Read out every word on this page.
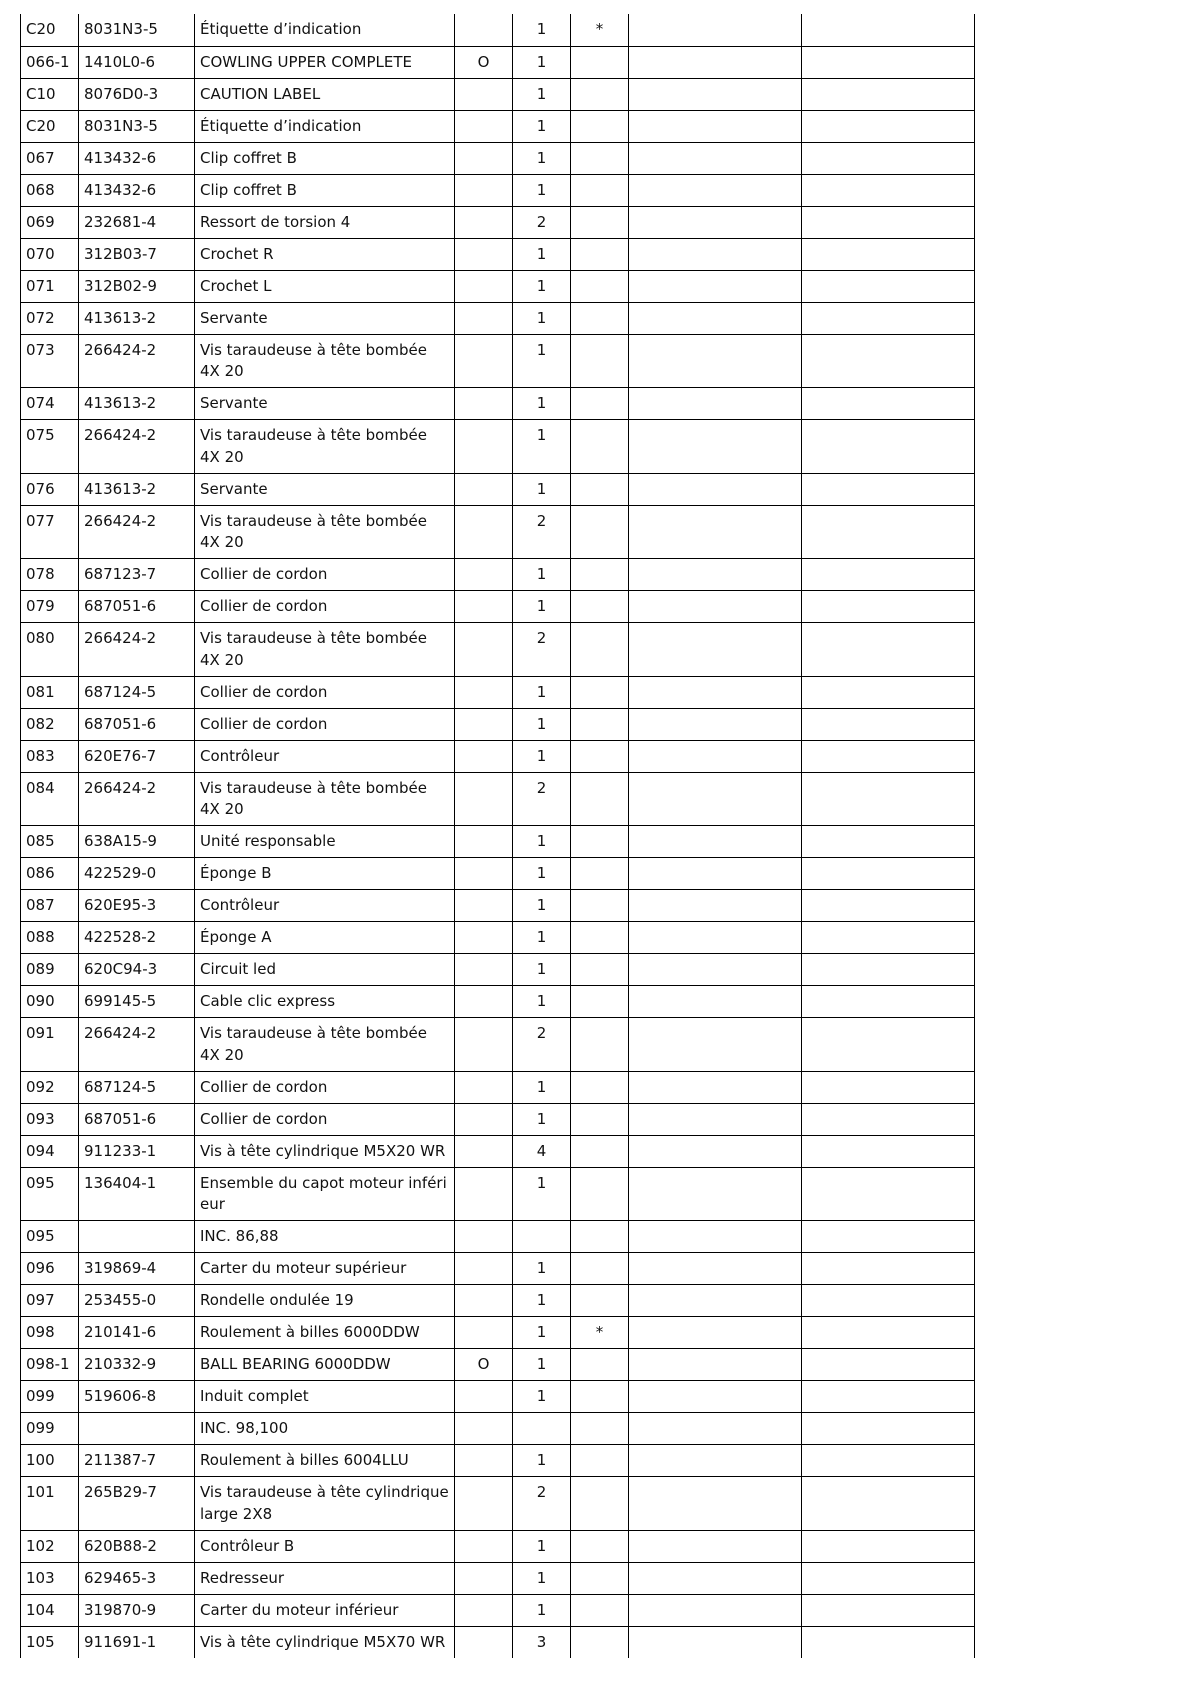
C20	8031N3-5	Étiquette d’indication		1	*		
066-1	1410L0-6	COWLING UPPER COMPLETE	O	1			
C10	8076D0-3	CAUTION LABEL		1			
C20	8031N3-5	Étiquette d’indication		1			
067	413432-6	Clip coffret B		1			
068	413432-6	Clip coffret B		1			
069	232681-4	Ressort de torsion 4		2			
070	312B03-7	Crochet R		1			
071	312B02-9	Crochet L		1			
072	413613-2	Servante		1			
073	266424-2	Vis taraudeuse à tête bombée 4X 20		1			
074	413613-2	Servante		1			
075	266424-2	Vis taraudeuse à tête bombée 4X 20		1			
076	413613-2	Servante		1			
077	266424-2	Vis taraudeuse à tête bombée 4X 20		2			
078	687123-7	Collier de cordon		1			
079	687051-6	Collier de cordon		1			
080	266424-2	Vis taraudeuse à tête bombée 4X 20		2			
081	687124-5	Collier de cordon		1			
082	687051-6	Collier de cordon		1			
083	620E76-7	Contrôleur		1			
084	266424-2	Vis taraudeuse à tête bombée 4X 20		2			
085	638A15-9	Unité responsable		1			
086	422529-0	Éponge B		1			
087	620E95-3	Contrôleur		1			
088	422528-2	Éponge A		1			
089	620C94-3	Circuit led		1			
090	699145-5	Cable clic express		1			
091	266424-2	Vis taraudeuse à tête bombée 4X 20		2			
092	687124-5	Collier de cordon		1			
093	687051-6	Collier de cordon		1			
094	911233-1	Vis à tête cylindrique M5X20 WR		4			
095	136404-1	Ensemble du capot moteur inféri eur		1			
095		INC. 86,88					
096	319869-4	Carter du moteur supérieur		1			
097	253455-0	Rondelle ondulée 19		1			
098	210141-6	Roulement à billes 6000DDW		1	*		
098-1	210332-9	BALL BEARING 6000DDW	O	1			
099	519606-8	Induit complet		1			
099		INC. 98,100					
100	211387-7	Roulement à billes 6004LLU		1			
101	265B29-7	Vis taraudeuse à tête cylindrique large 2X8		2			
102	620B88-2	Contrôleur B		1			
103	629465-3	Redresseur		1			
104	319870-9	Carter du moteur inférieur		1			
105	911691-1	Vis à tête cylindrique M5X70 WR		3			
